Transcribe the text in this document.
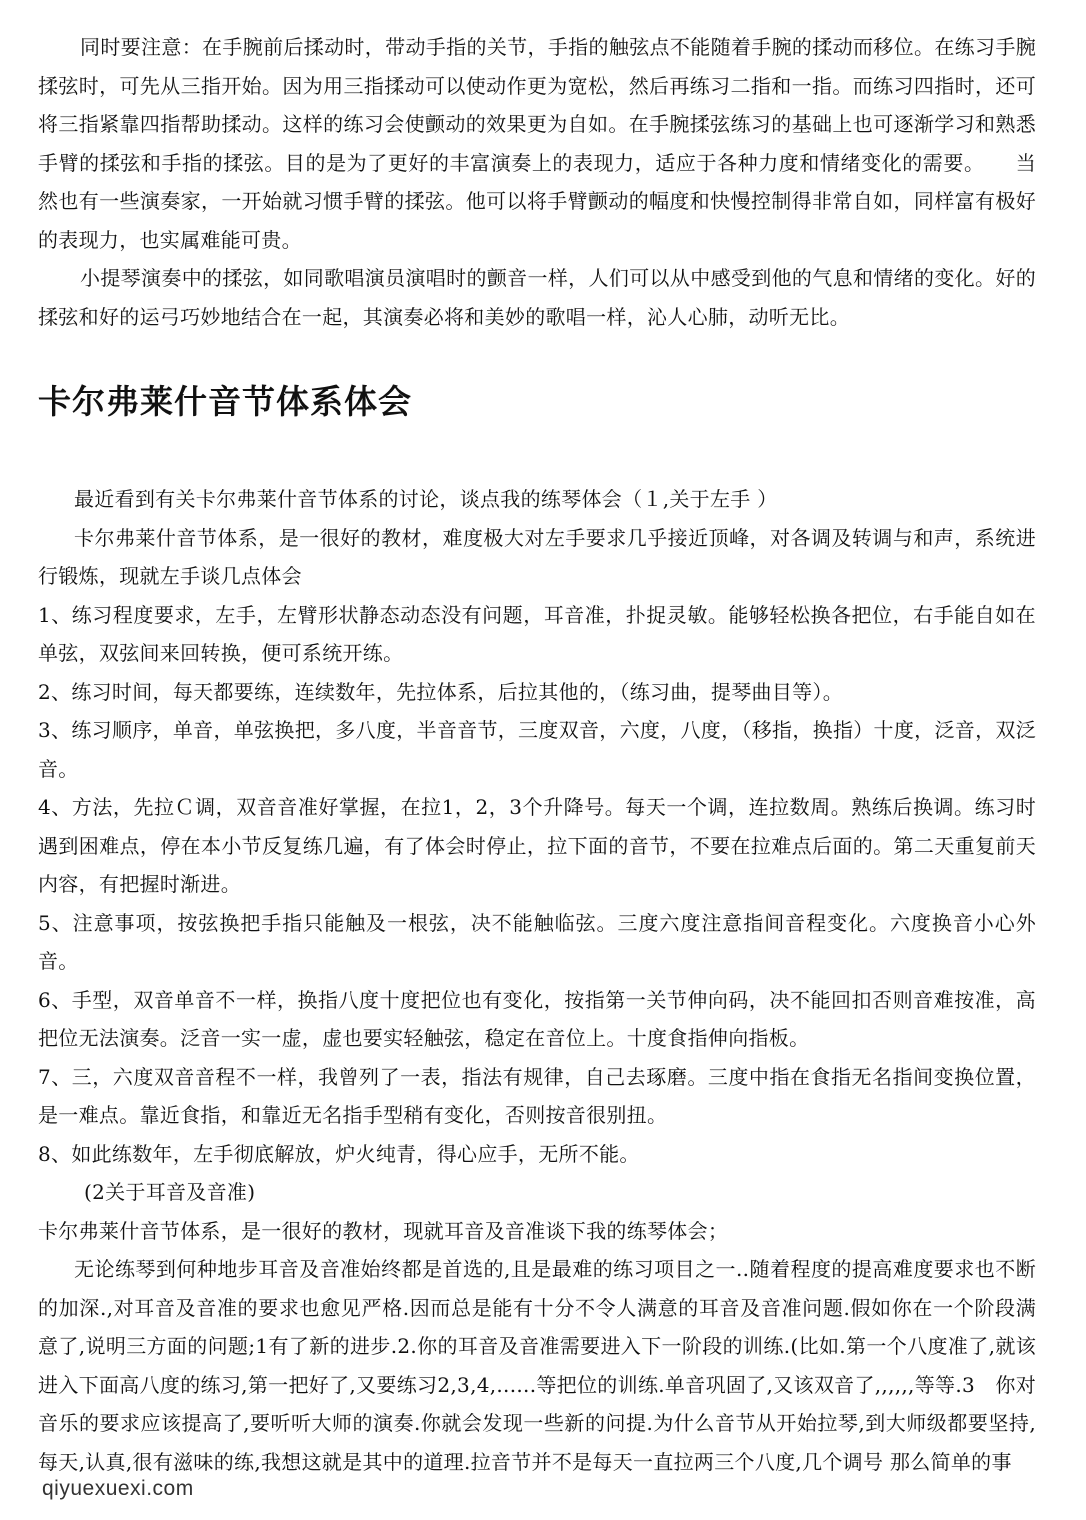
同时要注意：在手腕前后揉动时，带动手指的关节，手指的触弦点不能随着手腕的揉动而移位。在练习手腕揉弦时，可先从三指开始。因为用三指揉动可以使动作更为宽松，然后再练习二指和一指。而练习四指时，还可将三指紧靠四指帮助揉动。这样的练习会使颤动的效果更为自如。在手腕揉弦练习的基础上也可逐渐学习和熟悉手臂的揉弦和手指的揉弦。目的是为了更好的丰富演奏上的表现力，适应于各种力度和情绪变化的需要。　　当然也有一些演奏家，一开始就习惯手臂的揉弦。他可以将手臂颤动的幅度和快慢控制得非常自如，同样富有极好的表现力，也实属难能可贵。

小提琴演奏中的揉弦，如同歌唱演员演唱时的颤音一样，人们可以从中感受到他的气息和情绪的变化。好的揉弦和好的运弓巧妙地结合在一起，其演奏必将和美妙的歌唱一样，沁人心肺，动听无比。

卡尔弗莱什音节体系体会

最近看到有关卡尔弗莱什音节体系的讨论，谈点我的练琴体会（１,关于左手 ）

卡尔弗莱什音节体系，是一很好的教材，难度极大对左手要求几乎接近顶峰，对各调及转调与和声，系统进行锻炼，现就左手谈几点体会

1、练习程度要求，左手，左臂形状静态动态没有问题，耳音准，扑捉灵敏。能够轻松换各把位，右手能自如在单弦，双弦间来回转换，便可系统开练。

2、练习时间，每天都要练，连续数年，先拉体系，后拉其他的，（练习曲，提琴曲目等）。

3、练习顺序，单音，单弦换把，多八度，半音音节，三度双音，六度，八度，（移指，换指）十度，泛音，双泛音。

4、方法，先拉Ｃ调，双音音准好掌握，在拉1，2，3个升降号。每天一个调，连拉数周。熟练后换调。练习时遇到困难点，停在本小节反复练几遍，有了体会时停止，拉下面的音节，不要在拉难点后面的。第二天重复前天内容，有把握时渐进。

5、注意事项，按弦换把手指只能触及一根弦，决不能触临弦。三度六度注意指间音程变化。六度换音小心外音。

6、手型，双音单音不一样，换指八度十度把位也有变化，按指第一关节伸向码，决不能回扣否则音难按准，高把位无法演奏。泛音一实一虚，虚也要实轻触弦，稳定在音位上。十度食指伸向指板。

7、三，六度双音音程不一样，我曾列了一表，指法有规律，自己去琢磨。三度中指在食指无名指间变换位置，是一难点。靠近食指，和靠近无名指手型稍有变化，否则按音很别扭。

8、如此练数年，左手彻底解放，炉火纯青，得心应手，无所不能。

(2关于耳音及音准)

卡尔弗莱什音节体系，是一很好的教材，现就耳音及音准谈下我的练琴体会；

无论练琴到何种地步耳音及音准始终都是首选的,且是最难的练习项目之一..随着程度的提高难度要求也不断的加深.,对耳音及音准的要求也愈见严格.因而总是能有十分不令人满意的耳音及音准问题.假如你在一个阶段满意了,说明三方面的问题;1有了新的进步.2.你的耳音及音准需要进入下一阶段的训练.(比如.第一个八度准了,就该进入下面高八度的练习,第一把好了,又要练习2,3,4,......等把位的训练.单音巩固了,又该双音了,,,,,,等等.3　你对音乐的要求应该提高了,要听听大师的演奏.你就会发现一些新的问提.为什么音节从开始拉琴,到大师级都要坚持,每天,认真,很有滋味的练,我想这就是其中的道理.拉音节并不是每天一直拉两三个八度,几个调号 那么简单的事

qiyuexuexi.com
